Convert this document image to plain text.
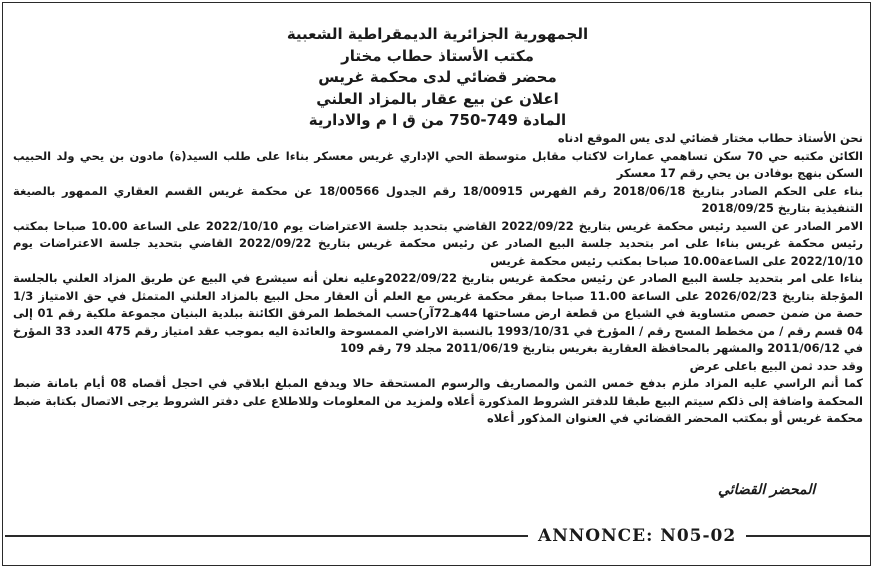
الجمهورية الجزائرية الديمقراطية الشعبية
مكتب الأستاذ حطاب مختار
محضر قضائي لدى محكمة غريس
اعلان عن بيع عقار بالمزاد العلني
المادة 749-750 من ق ا م والادارية

نحن الأستاذ حطاب مختار قضائي لدى يس الموقع ادناه

الكائن مكتبه حي 70 سكن تساهمي عمارات لاكتاب مقابل متوسطة الحي الإداري غريس معسكر بناءا على طلب السيد(ة) مادون بن يحي ولد الحبيب السكن بنهج بوفادن بن يحي رقم 17 معسكر

بناء على الحكم الصادر بتاريخ 2018/06/18 رقم الفهرس 18/00915 رقم الجدول 18/00566 عن محكمة غريس القسم العقاري الممهور بالصيغة التنفيذية بتاريخ 2018/09/25

الامر الصادر عن السيد رئيس محكمة غريس بتاريخ 2022/09/22 القاضي بتحديد جلسة الاعتراضات يوم 2022/10/10 على الساعة 10.00 صباحا بمكتب رئيس محكمة غريس بناءا على امر بتحديد جلسة البيع الصادر عن رئيس محكمة غريس بتاريخ 2022/09/22 القاضي بتحديد جلسة الاعتراضات يوم 2022/10/10 على الساعة10.00 صباحا بمكتب رئيس محكمة غريس

بناءا على امر بتحديد جلسة البيع الصادر عن رئيس محكمة غريس بتاريخ 2022/09/22وعليه نعلن أنه سيشرع في البيع عن طريق المزاد العلني بالجلسة المؤجلة بتاريخ 2026/02/23 على الساعة 11.00 صباحا بمقر محكمة غريس مع العلم أن العقار محل البيع بالمزاد العلني المتمثل في حق الامتياز 1/3 حصة من ضمن حصص متساوية في الشياع من قطعة ارض مساحتها 44هـ72آر)حسب المخطط المرفق الكائنة ببلدية البنيان مجموعة ملكية رقم 01 إلى 04 قسم رقم / من مخطط المسح رقم / المؤرخ في 1993/10/31 بالنسبة الاراضي الممسوحة والعائدة اليه بموجب عقد امتياز رقم 475 العدد 33 المؤرخ في 2011/06/12 والمشهر بالمحافظة العقارية بغريس بتاريخ 2011/06/19 مجلد 79 رقم 109

وقد حدد ثمن البيع باعلى عرض

كما أنم الراسي عليه المزاد ملزم بدفع خمس الثمن والمصاريف والرسوم المستحقة حالا ويدفع المبلغ ابلاقي في احجل أقصاه 08 أيام بامانة ضبط المحكمة واضافة إلى ذلكم سيتم البيع طبقا للدفتر الشروط المذكورة أعلاه ولمزيد من المعلومات وللاطلاع على دفتر الشروط يرجى الاتصال بكتابة ضبط محكمة غريس أو بمكتب المحضر القضائي في العنوان المذكور أعلاه

المحضر القضائي
ANNONCE: N05-02
